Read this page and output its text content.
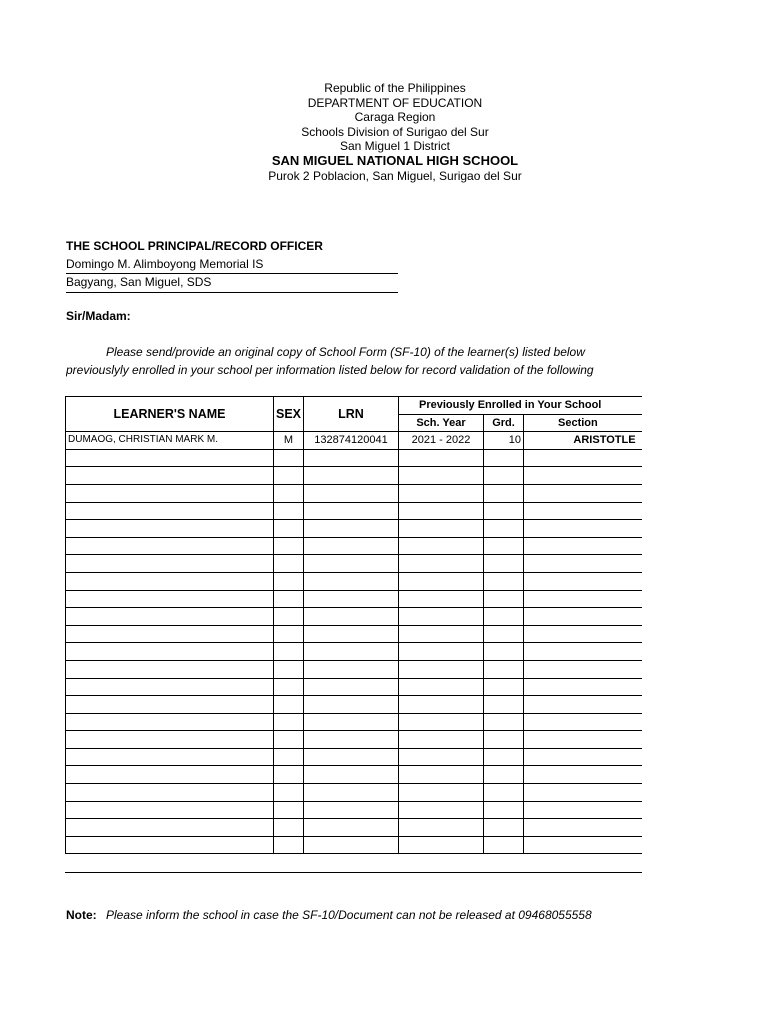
Republic of the Philippines
DEPARTMENT OF EDUCATION
Caraga Region
Schools Division of Surigao del Sur
San Miguel 1 District
SAN MIGUEL NATIONAL HIGH SCHOOL
Purok 2 Poblacion, San Miguel, Surigao del Sur
THE SCHOOL PRINCIPAL/RECORD OFFICER
Domingo M. Alimboyong Memorial IS
Bagyang, San Miguel, SDS
Sir/Madam:
Please send/provide an original copy of School Form (SF-10) of the learner(s) listed below
previouslyly enrolled in your school per information listed below for record validation of the following
LEARNER'S NAME	SEX	LRN	Previously Enrolled in Your School		
			Sch. Year	Grd.	Section
DUMAOG, CHRISTIAN MARK M.	M	132874120041	2021 - 2022	10	ARISTOTLE

Note: Please inform the school in case the SF-10/Document can not be released at 09468055558
